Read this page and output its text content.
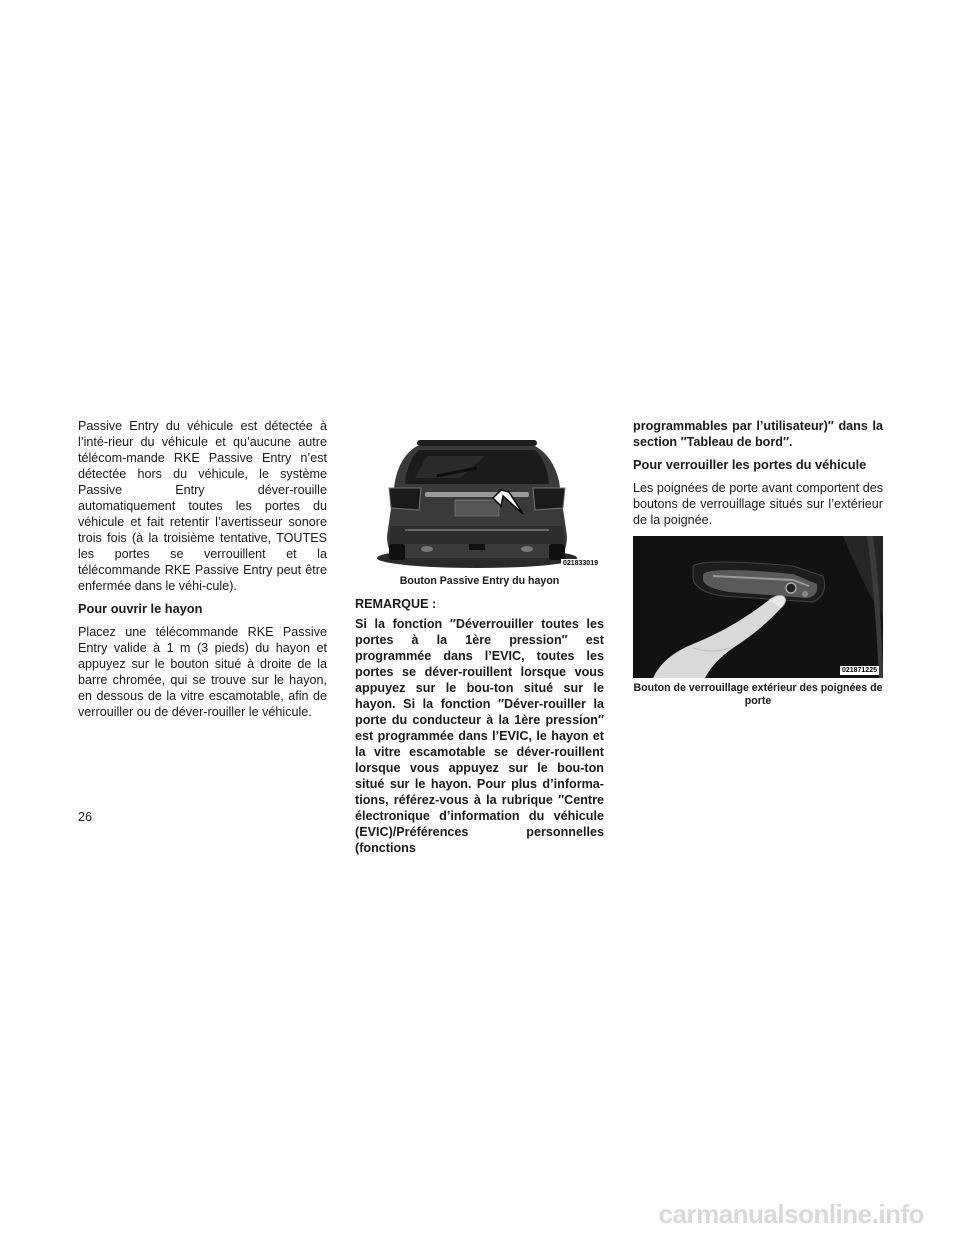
Passive Entry du véhicule est détectée à l’inté-rieur du véhicule et qu’aucune autre télécom-mande RKE Passive Entry n’est détectée hors du véhicule, le système Passive Entry déver-rouille automatiquement toutes les portes du véhicule et fait retentir l’avertisseur sonore trois fois (à la troisième tentative, TOUTES les portes se verrouillent et la télécommande RKE Passive Entry peut être enfermée dans le véhi-cule).

Pour ouvrir le hayon

Placez une télécommande RKE Passive Entry valide à 1 m (3 pieds) du hayon et appuyez sur le bouton situé à droite de la barre chromée, qui se trouve sur le hayon, en dessous de la vitre escamotable, afin de verrouiller ou de déver-rouiller le véhicule.

021833019
Bouton Passive Entry du hayon

REMARQUE :

Si la fonction ″Déverrouiller toutes les portes à la 1ère pression″ est programmée dans l’EVIC, toutes les portes se déver-rouillent lorsque vous appuyez sur le bou-ton situé sur le hayon. Si la fonction ″Déver-rouiller la porte du conducteur à la 1ère pression″ est programmée dans l’EVIC, le hayon et la vitre escamotable se déver-rouillent lorsque vous appuyez sur le bou-ton situé sur le hayon. Pour plus d’informa-tions, référez-vous à la rubrique ″Centre électronique d’information du véhicule (EVIC)/Préférences personnelles (fonctions

programmables par l’utilisateur)″ dans la section ″Tableau de bord″.

Pour verrouiller les portes du véhicule

Les poignées de porte avant comportent des boutons de verrouillage situés sur l’extérieur de la poignée.

021871225
Bouton de verrouillage extérieur des poignées de porte
26
carmanualsonline.info
